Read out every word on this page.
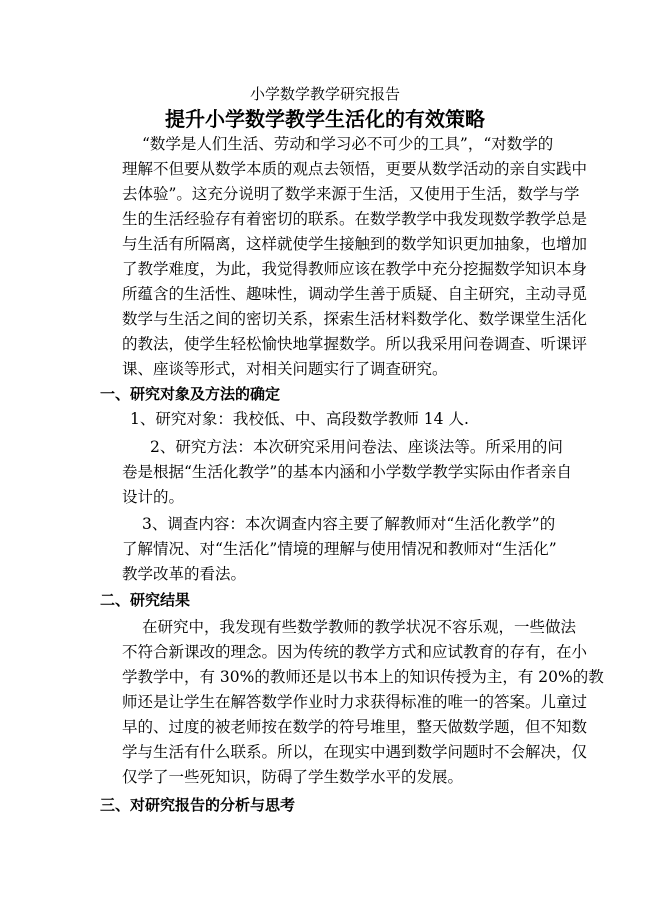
小学数学教学研究报告
提升小学数学教学生活化的有效策略
“数学是人们生活、劳动和学习必不可少的工具”，“对数学的
理解不但要从数学本质的观点去领悟，更要从数学活动的亲自实践中
去体验”。这充分说明了数学来源于生活，又使用于生活，数学与学
生的生活经验存有着密切的联系。在数学教学中我发现数学教学总是
与生活有所隔离，这样就使学生接触到的数学知识更加抽象，也增加
了教学难度，为此，我觉得教师应该在教学中充分挖掘数学知识本身
所蕴含的生活性、趣味性，调动学生善于质疑、自主研究，主动寻觅
数学与生活之间的密切关系，探索生活材料数学化、数学课堂生活化
的教法，使学生轻松愉快地掌握数学。所以我采用问卷调查、听课评
课、座谈等形式，对相关问题实行了调查研究。
一、研究对象及方法的确定
1、研究对象：我校低、中、高段数学教师 14 人.
2、研究方法：本次研究采用问卷法、座谈法等。所采用的问
卷是根据“生活化教学”的基本内涵和小学数学教学实际由作者亲自
设计的。
3、调查内容：本次调查内容主要了解教师对“生活化教学”的
了解情况、对“生活化”情境的理解与使用情况和教师对“生活化”
教学改革的看法。
二、研究结果
在研究中，我发现有些数学教师的教学状况不容乐观，一些做法
不符合新课改的理念。因为传统的教学方式和应试教育的存有，在小
学教学中，有 30%的教师还是以书本上的知识传授为主，有 20%的教
师还是让学生在解答数学作业时力求获得标准的唯一的答案。儿童过
早的、过度的被老师按在数学的符号堆里，整天做数学题，但不知数
学与生活有什么联系。所以，在现实中遇到数学问题时不会解决，仅
仅学了一些死知识，防碍了学生数学水平的发展。
三、对研究报告的分析与思考
